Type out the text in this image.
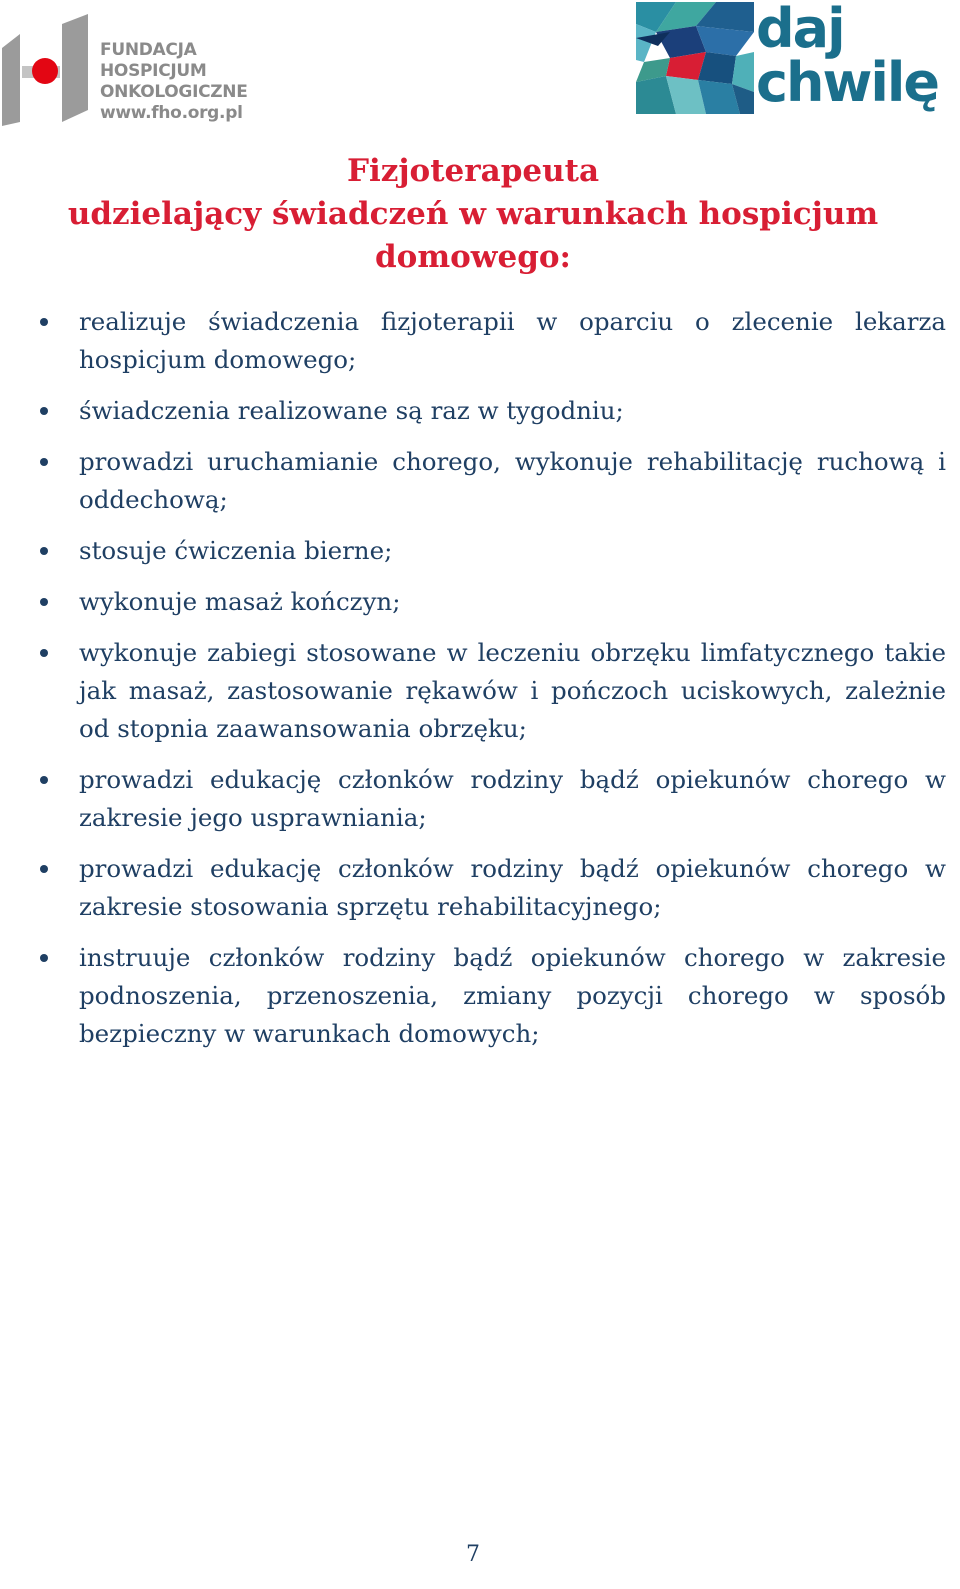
FUNDACJA
HOSPICJUM
ONKOLOGICZNE
www.fho.org.pl
daj
chwilę
Fizjoterapeuta
udzielający świadczeń w warunkach hospicjum
domowego:
realizuje świadczenia fizjoterapii w oparciu o zlecenie lekarza hospicjum domowego;
świadczenia realizowane są raz w tygodniu;
prowadzi uruchamianie chorego, wykonuje rehabilitację ruchową i oddechową;
stosuje ćwiczenia bierne;
wykonuje masaż kończyn;
wykonuje zabiegi stosowane w leczeniu obrzęku limfatycznego takie jak masaż, zastosowanie rękawów i pończoch uciskowych, zależnie od stopnia zaawansowania obrzęku;
prowadzi edukację członków rodziny bądź opiekunów chorego w zakresie jego usprawniania;
prowadzi edukację członków rodziny bądź opiekunów chorego w zakresie stosowania sprzętu rehabilitacyjnego;
instruuje członków rodziny bądź opiekunów chorego w zakresie podnoszenia, przenoszenia, zmiany pozycji chorego w sposób bezpieczny w warunkach domowych;
7
